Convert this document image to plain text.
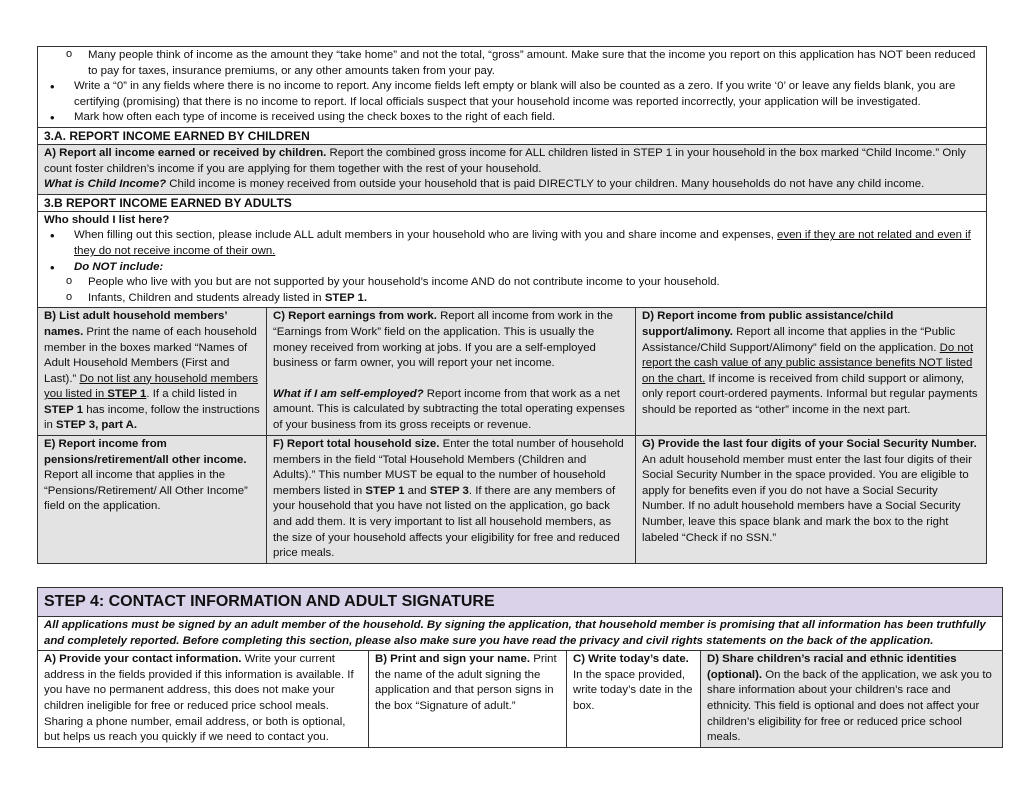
o Many people think of income as the amount they “take home” and not the total, “gross” amount. Make sure that the income you report on this application has NOT been reduced to pay for taxes, insurance premiums, or any other amounts taken from your pay.
• Write a “0” in any fields where there is no income to report. Any income fields left empty or blank will also be counted as a zero. If you write ‘0’ or leave any fields blank, you are certifying (promising) that there is no income to report. If local officials suspect that your household income was reported incorrectly, your application will be investigated.
• Mark how often each type of income is received using the check boxes to the right of each field.
3.A. REPORT INCOME EARNED BY CHILDREN
A) Report all income earned or received by children. Report the combined gross income for ALL children listed in STEP 1 in your household in the box marked “Child Income.” Only count foster children’s income if you are applying for them together with the rest of your household.
What is Child Income? Child income is money received from outside your household that is paid DIRECTLY to your children. Many households do not have any child income.
3.B REPORT INCOME EARNED BY ADULTS
Who should I list here?
• When filling out this section, please include ALL adult members in your household who are living with you and share income and expenses, even if they are not related and even if they do not receive income of their own.
• Do NOT include:
o People who live with you but are not supported by your household’s income AND do not contribute income to your household.
o Infants, Children and students already listed in STEP 1.
B) List adult household members’ names. Print the name of each household member in the boxes marked “Names of Adult Household Members (First and Last).” Do not list any household members you listed in STEP 1. If a child listed in STEP 1 has income, follow the instructions in STEP 3, part A.
C) Report earnings from work. Report all income from work in the “Earnings from Work” field on the application. This is usually the money received from working at jobs. If you are a self-employed business or farm owner, you will report your net income.
What if I am self-employed? Report income from that work as a net amount. This is calculated by subtracting the total operating expenses of your business from its gross receipts or revenue.
D) Report income from public assistance/child support/alimony. Report all income that applies in the “Public Assistance/Child Support/Alimony” field on the application. Do not report the cash value of any public assistance benefits NOT listed on the chart. If income is received from child support or alimony, only report court-ordered payments. Informal but regular payments should be reported as “other” income in the next part.
E) Report income from pensions/retirement/all other income. Report all income that applies in the “Pensions/Retirement/ All Other Income” field on the application.
F) Report total household size. Enter the total number of household members in the field “Total Household Members (Children and Adults).” This number MUST be equal to the number of household members listed in STEP 1 and STEP 3. If there are any members of your household that you have not listed on the application, go back and add them. It is very important to list all household members, as the size of your household affects your eligibility for free and reduced price meals.
G) Provide the last four digits of your Social Security Number. An adult household member must enter the last four digits of their Social Security Number in the space provided. You are eligible to apply for benefits even if you do not have a Social Security Number. If no adult household members have a Social Security Number, leave this space blank and mark the box to the right labeled “Check if no SSN.”
STEP 4: CONTACT INFORMATION AND ADULT SIGNATURE
All applications must be signed by an adult member of the household. By signing the application, that household member is promising that all information has been truthfully and completely reported. Before completing this section, please also make sure you have read the privacy and civil rights statements on the back of the application.
A) Provide your contact information. Write your current address in the fields provided if this information is available. If you have no permanent address, this does not make your children ineligible for free or reduced price school meals. Sharing a phone number, email address, or both is optional, but helps us reach you quickly if we need to contact you.
B) Print and sign your name. Print the name of the adult signing the application and that person signs in the box “Signature of adult.”
C) Write today’s date. In the space provided, write today’s date in the box.
D) Share children’s racial and ethnic identities (optional). On the back of the application, we ask you to share information about your children’s race and ethnicity. This field is optional and does not affect your children’s eligibility for free or reduced price school meals.
